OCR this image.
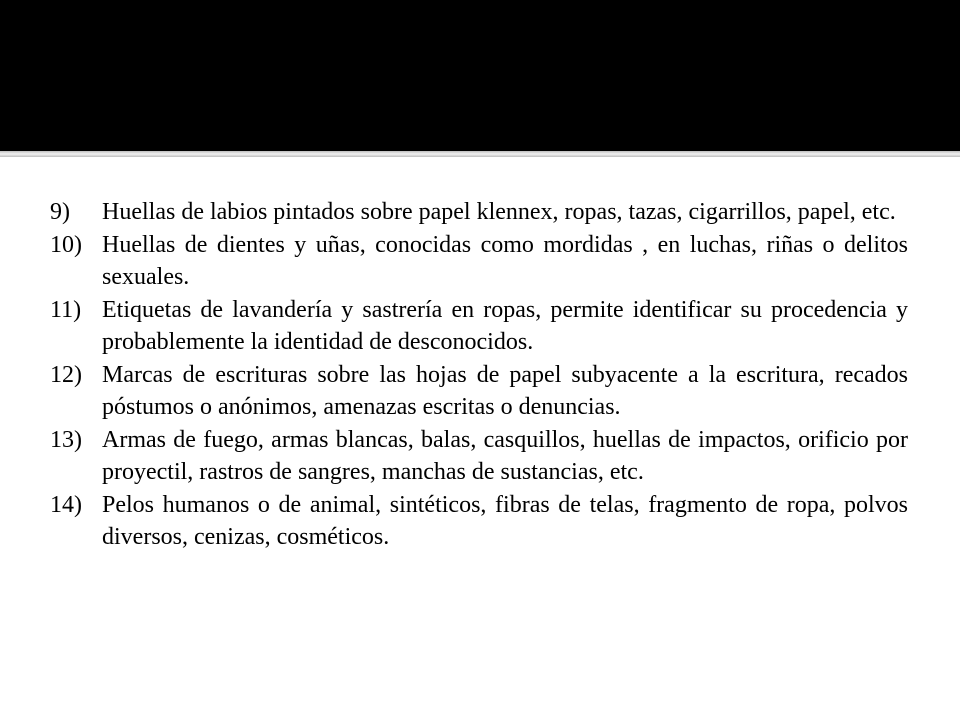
9) Huellas de labios pintados sobre papel klennex, ropas, tazas, cigarrillos, papel, etc.
10) Huellas de dientes y uñas, conocidas como mordidas , en luchas, riñas o delitos sexuales.
11) Etiquetas de lavandería y sastrería en ropas, permite identificar su procedencia y probablemente la identidad de desconocidos.
12) Marcas de escrituras sobre las hojas de papel subyacente a la escritura, recados póstumos o anónimos, amenazas escritas o denuncias.
13) Armas de fuego, armas blancas, balas, casquillos, huellas de impactos, orificio por proyectil, rastros de sangres, manchas de sustancias, etc.
14) Pelos humanos o de animal, sintéticos, fibras de telas, fragmento de ropa, polvos diversos, cenizas, cosméticos.
